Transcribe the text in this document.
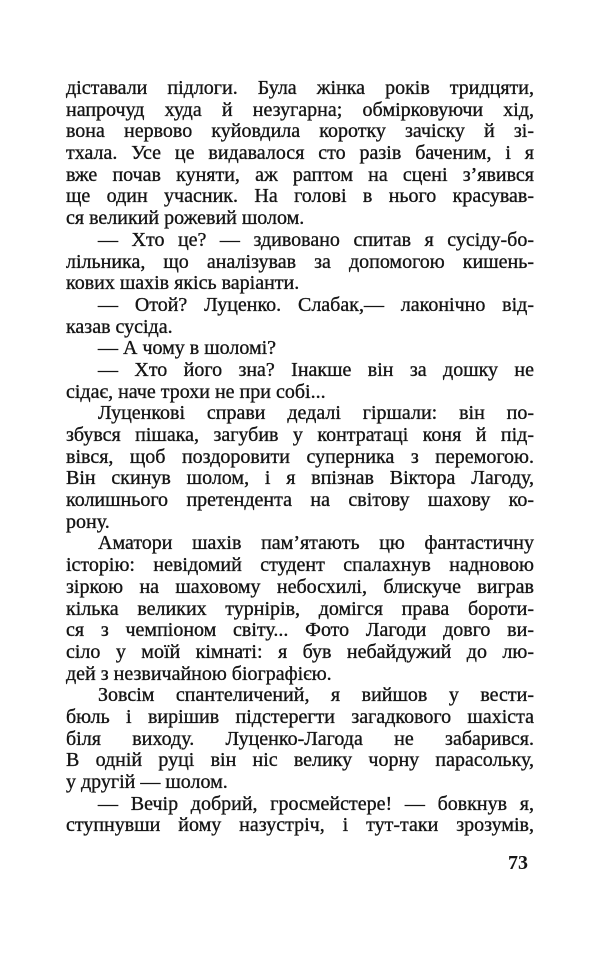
дiставали підлоги. Була жінка років тридцяти,
напрочуд худа й незугарна; обмірковуючи хід,
вона нервово куйовдила коротку зачіску й зі-
тхала. Усе це видавалося сто разів баченим, і я
вже почав куняти, аж раптом на сцені з’явився
ще один учасник. На голові в нього красував-
ся великий рожевий шолом.
— Хто це? — здивовано спитав я сусіду-бо-
лільника, що аналізував за допомогою кишень-
кових шахів якісь варіанти.
— Отой? Луценко. Слабак,— лаконічно від-
казав сусіда.
— А чому в шоломі?
— Хто його зна? Інакше він за дошку не
сідає, наче трохи не при собі...
Луценкові справи дедалі гіршали: він по-
збувся пішака, загубив у контратаці коня й під-
вівся, щоб поздоровити суперника з перемогою.
Він скинув шолом, і я впізнав Віктора Лагоду,
колишнього претендента на світову шахову ко-
рону.
Аматори шахів пам’ятають цю фантастичну
історію: невідомий студент спалахнув надновою
зіркою на шаховому небосхилі, блискуче виграв
кілька великих турнірів, домігся права бороти-
ся з чемпіоном світу... Фото Лагоди довго ви-
сіло у моїй кімнаті: я був небайдужий до лю-
дей з незвичайною біографією.
Зовсім спантеличений, я вийшов у вести-
бюль і вирішив підстерегти загадкового шахіста
біля виходу. Луценко-Лагода не забарився.
В одній руці він ніс велику чорну парасольку,
у другій — шолом.
— Вечір добрий, гросмейстере! — бовкнув я,
ступнувши йому назустріч, і тут-таки зрозумів,
73
